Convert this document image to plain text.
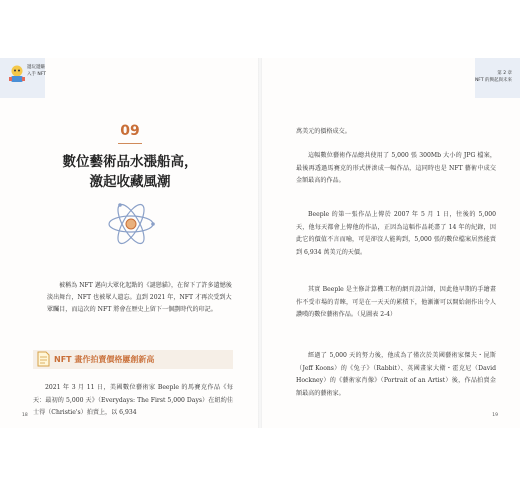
邊玩邊賺
入手 NFT
09
數位藝術品水漲船高，
激起收藏風潮
被稱為 NFT 邁向大眾化起點的《謎戀貓》，在留下了許多遺憾後淡出舞台，NFT 也被眾人遺忘。直到 2021 年，NFT 才再次受到大眾矚目，而這次的 NFT 將會在歷史上留下一個劃時代的印記。
NFT 畫作拍賣價格屢創新高
2021 年 3 月 11 日，美國數位藝術家 Beeple 的馬賽克作品《每天：最初的 5,000 天》（Everydays: The First 5,000 Days）在紐約佳士得（Christie's）拍賣上，以 6,934
18
第 2 章
NFT 的興起與未來
萬美元的價格成交。
這幅數位藝術作品總共使用了 5,000 張 300Mb 大小的 JPG 檔案，最後再透過馬賽克的形式拼湊成一幅作品，這同時也是 NFT 藝術中成交金額最高的作品。
Beeple 的第一張作品上傳於 2007 年 5 月 1 日，往後的 5,000 天，他每天都會上傳他的作品，正因為這幅作品耗盡了 14 年的紀錄，因此它的價值不言而喻，可是卻沒人能夠到，5,000 張的數位檔案居然能賣到 6,934 萬美元的天價。
其實 Beeple 是主修計算機工程的網頁設計師，因此他早期的手繪畫作不受市場的青睞，可是在一天天的累積下，他漸漸可以開始創作出令人讚嘆的數位藝術作品。（見圖表 2-4）
經過了 5,000 天的努力後，他成為了僅次於美國藝術家傑夫・昆斯（Jeff Koons）的《兔子》（Rabbit）、英國畫家大衛・霍克尼（David Hockney）的《藝術家肖像》（Portrait of an Artist）後，作品拍賣金額最高的藝術家。
19
